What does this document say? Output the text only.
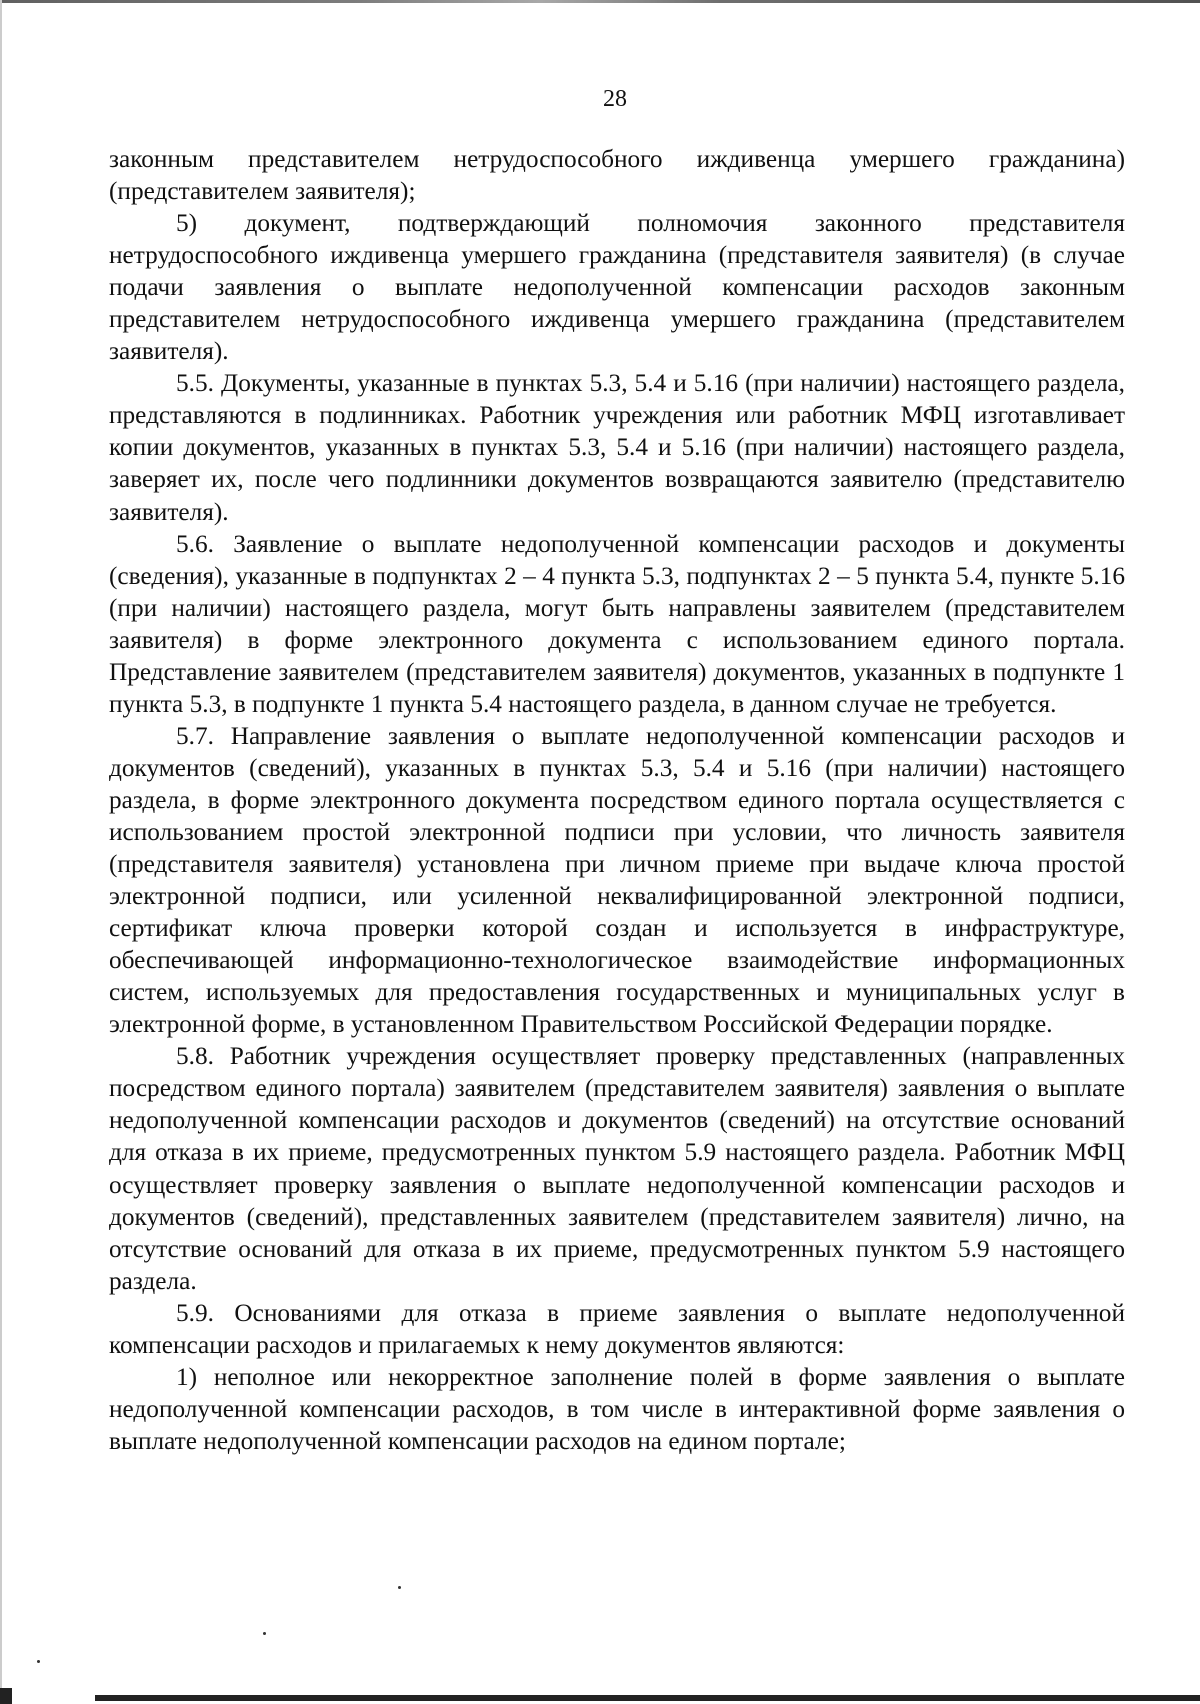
28

законным представителем нетрудоспособного иждивенца умершего гражданина) (представителем заявителя);

5) документ, подтверждающий полномочия законного представителя нетрудоспособного иждивенца умершего гражданина (представителя заявителя) (в случае подачи заявления о выплате недополученной компенсации расходов законным представителем нетрудоспособного иждивенца умершего гражданина (представителем заявителя).

5.5. Документы, указанные в пунктах 5.3, 5.4 и 5.16 (при наличии) настоящего раздела, представляются в подлинниках. Работник учреждения или работник МФЦ изготавливает копии документов, указанных в пунктах 5.3, 5.4 и 5.16 (при наличии) настоящего раздела, заверяет их, после чего подлинники документов возвращаются заявителю (представителю заявителя).

5.6. Заявление о выплате недополученной компенсации расходов и документы (сведения), указанные в подпунктах 2 – 4 пункта 5.3, подпунктах 2 – 5 пункта 5.4, пункте 5.16 (при наличии) настоящего раздела, могут быть направлены заявителем (представителем заявителя) в форме электронного документа с использованием единого портала. Представление заявителем (представителем заявителя) документов, указанных в подпункте 1 пункта 5.3, в подпункте 1 пункта 5.4 настоящего раздела, в данном случае не требуется.

5.7. Направление заявления о выплате недополученной компенсации расходов и документов (сведений), указанных в пунктах 5.3, 5.4 и 5.16 (при наличии) настоящего раздела, в форме электронного документа посредством единого портала осуществляется с использованием простой электронной подписи при условии, что личность заявителя (представителя заявителя) установлена при личном приеме при выдаче ключа простой электронной подписи, или усиленной неквалифицированной электронной подписи, сертификат ключа проверки которой создан и используется в инфраструктуре, обеспечивающей информационно-технологическое взаимодействие информационных систем, используемых для предоставления государственных и муниципальных услуг в электронной форме, в установленном Правительством Российской Федерации порядке.

5.8. Работник учреждения осуществляет проверку представленных (направленных посредством единого портала) заявителем (представителем заявителя) заявления о выплате недополученной компенсации расходов и документов (сведений) на отсутствие оснований для отказа в их приеме, предусмотренных пунктом 5.9 настоящего раздела. Работник МФЦ осуществляет проверку заявления о выплате недополученной компенсации расходов и документов (сведений), представленных заявителем (представителем заявителя) лично, на отсутствие оснований для отказа в их приеме, предусмотренных пунктом 5.9 настоящего раздела.

5.9. Основаниями для отказа в приеме заявления о выплате недополученной компенсации расходов и прилагаемых к нему документов являются:

1) неполное или некорректное заполнение полей в форме заявления о выплате недополученной компенсации расходов, в том числе в интерактивной форме заявления о выплате недополученной компенсации расходов на едином портале;
